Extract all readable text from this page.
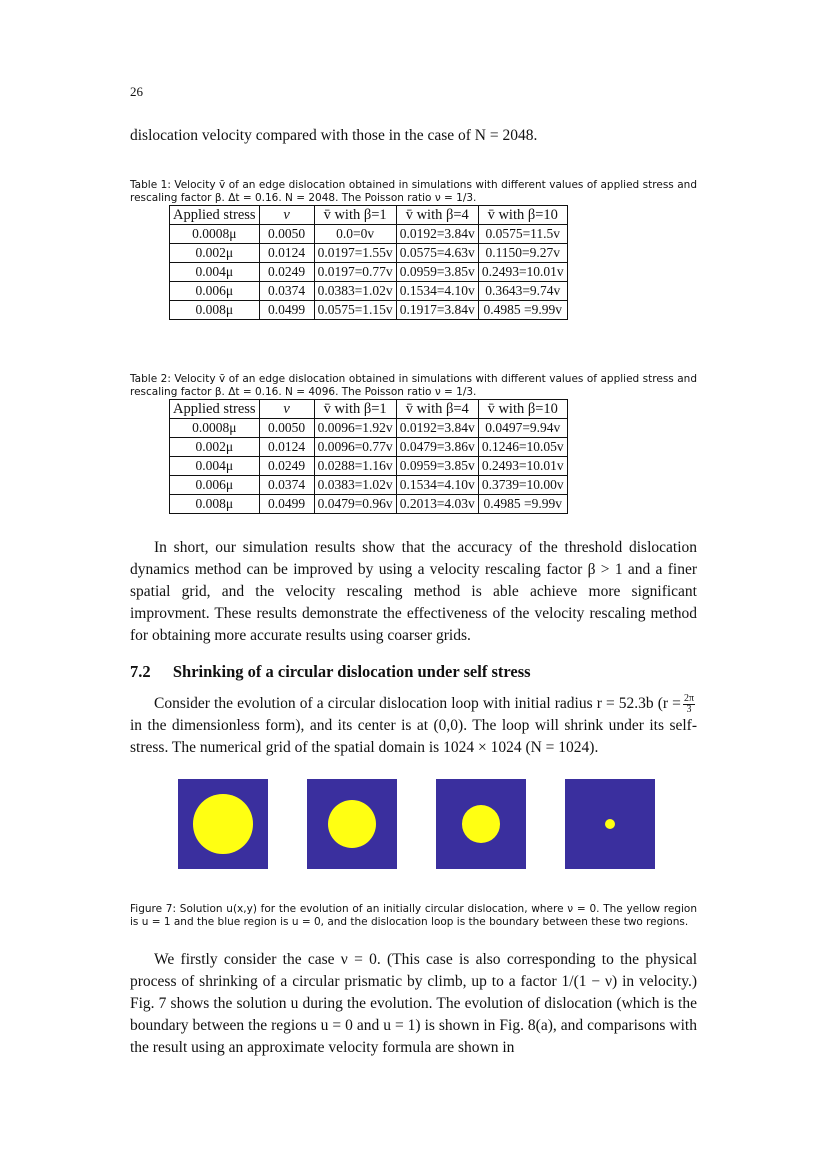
26
dislocation velocity compared with those in the case of N = 2048.
Table 1: Velocity v̄ of an edge dislocation obtained in simulations with different values of applied stress and rescaling factor β. Δt = 0.16. N = 2048. The Poisson ratio ν = 1/3.
Applied stress	v	v̄ with β=1	v̄ with β=4	v̄ with β=10
0.0008μ	0.0050	0.0=0v	0.0192=3.84v	0.0575=11.5v
0.002μ	0.0124	0.0197=1.55v	0.0575=4.63v	0.1150=9.27v
0.004μ	0.0249	0.0197=0.77v	0.0959=3.85v	0.2493=10.01v
0.006μ	0.0374	0.0383=1.02v	0.1534=4.10v	0.3643=9.74v
0.008μ	0.0499	0.0575=1.15v	0.1917=3.84v	0.4985 =9.99v
Table 2: Velocity v̄ of an edge dislocation obtained in simulations with different values of applied stress and rescaling factor β. Δt = 0.16. N = 4096. The Poisson ratio ν = 1/3.
Applied stress	v	v̄ with β=1	v̄ with β=4	v̄ with β=10
0.0008μ	0.0050	0.0096=1.92v	0.0192=3.84v	0.0497=9.94v
0.002μ	0.0124	0.0096=0.77v	0.0479=3.86v	0.1246=10.05v
0.004μ	0.0249	0.0288=1.16v	0.0959=3.85v	0.2493=10.01v
0.006μ	0.0374	0.0383=1.02v	0.1534=4.10v	0.3739=10.00v
0.008μ	0.0499	0.0479=0.96v	0.2013=4.03v	0.4985 =9.99v
In short, our simulation results show that the accuracy of the threshold dislocation dynamics method can be improved by using a velocity rescaling factor β > 1 and a finer spatial grid, and the velocity rescaling method is able achieve more significant improvment. These results demonstrate the effectiveness of the velocity rescaling method for obtaining more accurate results using coarser grids.
7.2 Shrinking of a circular dislocation under self stress
Consider the evolution of a circular dislocation loop with initial radius r = 52.3b ($r = \frac{2\pi}{3}$
in the dimensionless form), and its center is at (0,0). The loop will shrink under its self-stress. The numerical grid of the spatial domain is 1024 × 1024 (N = 1024).
Figure 7: Solution u(x,y) for the evolution of an initially circular dislocation, where ν = 0. The yellow region is u = 1 and the blue region is u = 0, and the dislocation loop is the boundary between these two regions.
We firstly consider the case ν = 0. (This case is also corresponding to the physical process of shrinking of a circular prismatic by climb, up to a factor 1/(1 − ν) in velocity.) Fig. 7 shows the solution u during the evolution. The evolution of dislocation (which is the boundary between the regions u = 0 and u = 1) is shown in Fig. 8(a), and comparisons with the result using an approximate velocity formula are shown in
